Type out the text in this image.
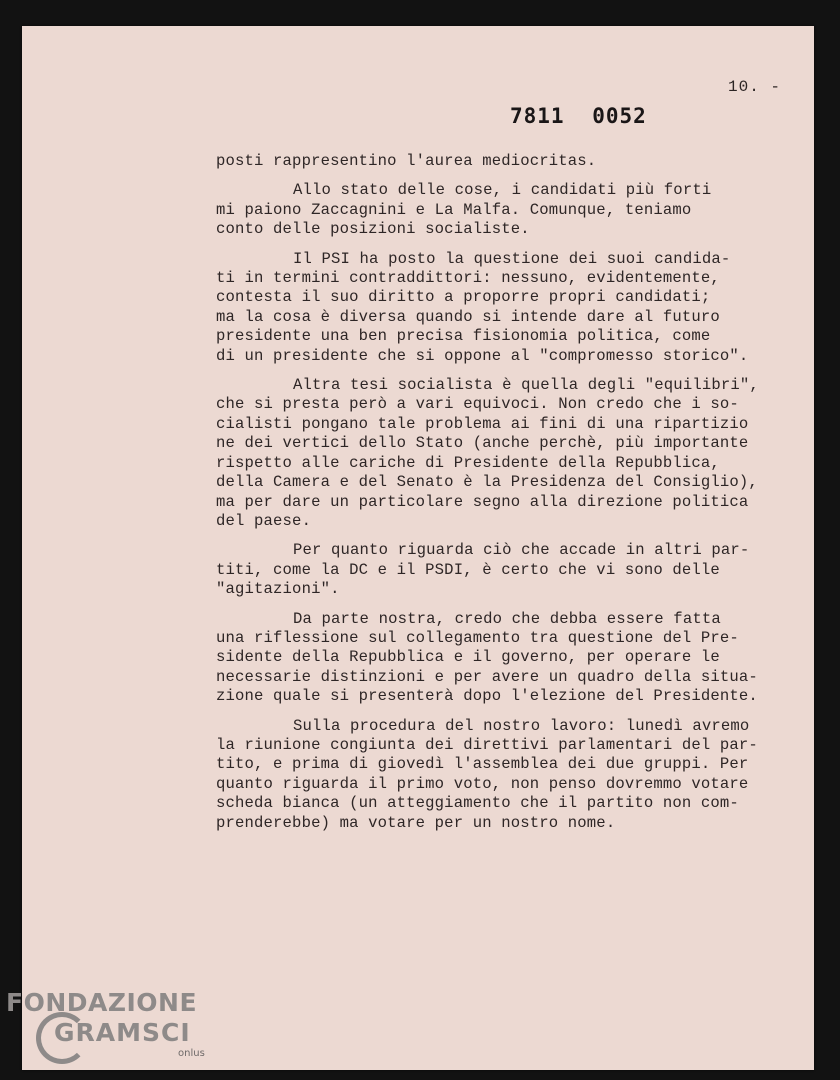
10. -
7811 0052
posti rappresentino l'aurea mediocritas.
Allo stato delle cose, i candidati più forti
mi paiono Zaccagnini e La Malfa. Comunque, teniamo
conto delle posizioni socialiste.
Il PSI ha posto la questione dei suoi candida-
ti in termini contraddittori: nessuno, evidentemente,
contesta il suo diritto a proporre propri candidati;
ma la cosa è diversa quando si intende dare al futuro
presidente una ben precisa fisionomia politica, come
di un presidente che si oppone al "compromesso storico".
Altra tesi socialista è quella degli "equilibri",
che si presta però a vari equivoci. Non credo che i so-
cialisti pongano tale problema ai fini di una ripartizio
ne dei vertici dello Stato (anche perchè, più importante
rispetto alle cariche di Presidente della Repubblica,
della Camera e del Senato è la Presidenza del Consiglio),
ma per dare un particolare segno alla direzione politica
del paese.
Per quanto riguarda ciò che accade in altri par-
titi, come la DC e il PSDI, è certo che vi sono delle
"agitazioni".
Da parte nostra, credo che debba essere fatta
una riflessione sul collegamento tra questione del Pre-
sidente della Repubblica e il governo, per operare le
necessarie distinzioni e per avere un quadro della situa-
zione quale si presenterà dopo l'elezione del Presidente.
Sulla procedura del nostro lavoro: lunedì avremo
la riunione congiunta dei direttivi parlamentari del par-
tito, e prima di giovedì l'assemblea dei due gruppi. Per
quanto riguarda il primo voto, non penso dovremmo votare
scheda bianca (un atteggiamento che il partito non com-
prenderebbe) ma votare per un nostro nome.
FONDAZIONE
GRAMSCI
onlus
